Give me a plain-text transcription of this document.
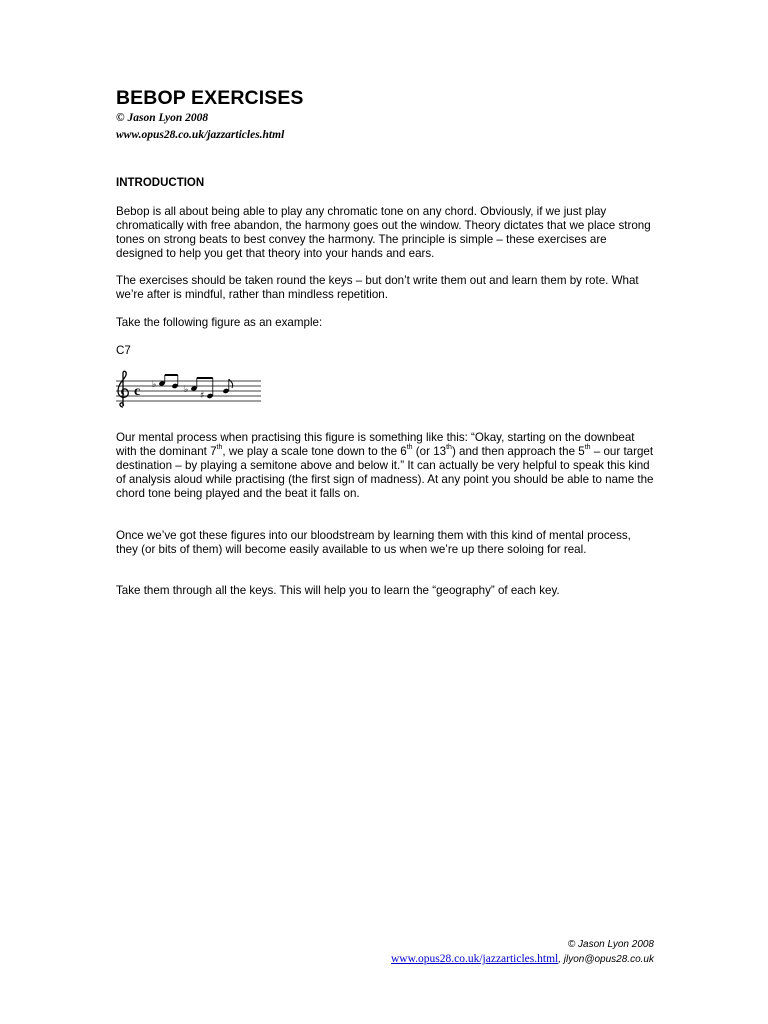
BEBOP EXERCISES
© Jason Lyon 2008
www.opus28.co.uk/jazzarticles.html
INTRODUCTION

Bebop is all about being able to play any chromatic tone on any chord. Obviously, if we just play chromatically with free abandon, the harmony goes out the window. Theory dictates that we place strong tones on strong beats to best convey the harmony. The principle is simple – these exercises are designed to help you get that theory into your hands and ears.

The exercises should be taken round the keys – but don’t write them out and learn them by rote. What we’re after is mindful, rather than mindless repetition.

Take the following figure as an example:

C7
c ♭	♭
♯

Our mental process when practising this figure is something like this: “Okay, starting on the downbeat with the dominant 7th, we play a scale tone down to the 6th (or 13th) and then approach the 5th – our target destination – by playing a semitone above and below it.” It can actually be very helpful to speak this kind of analysis aloud while practising (the first sign of madness). At any point you should be able to name the chord tone being played and the beat it falls on.

Once we’ve got these figures into our bloodstream by learning them with this kind of mental process, they (or bits of them) will become easily available to us when we’re up there soloing for real.

Take them through all the keys. This will help you to learn the “geography” of each key.

© Jason Lyon 2008
www.opus28.co.uk/jazzarticles.html, jlyon@opus28.co.uk
